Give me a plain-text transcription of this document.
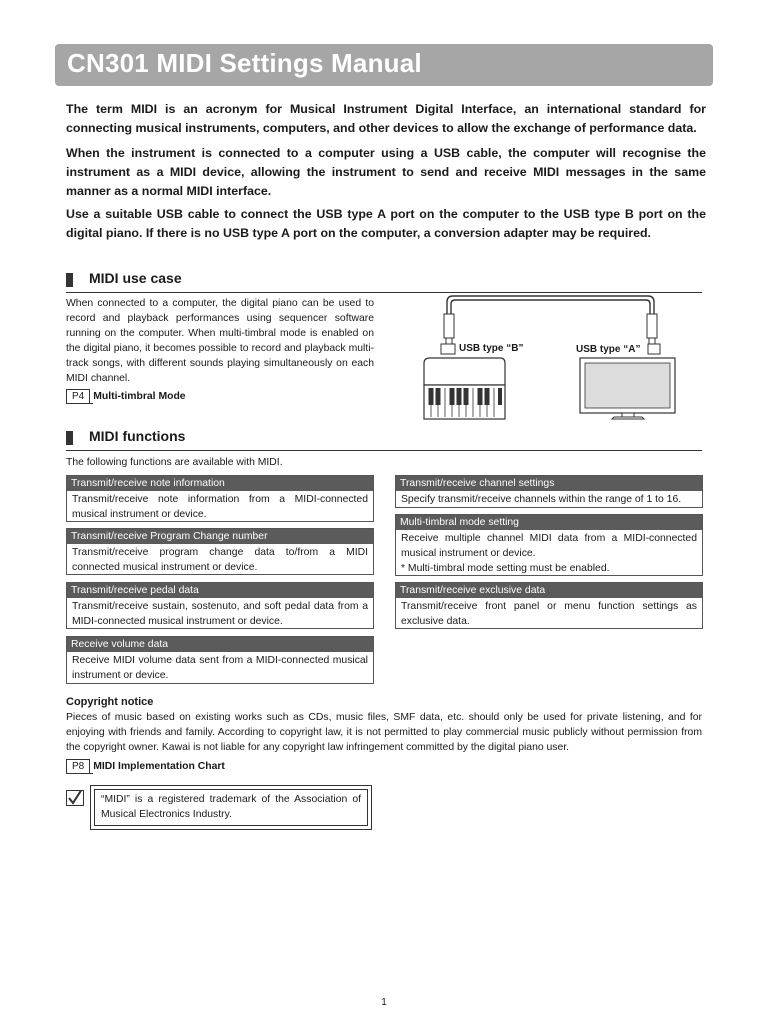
CN301 MIDI Settings Manual
The term MIDI is an acronym for Musical Instrument Digital Interface, an international standard for connecting musical instruments, computers, and other devices to allow the exchange of performance data.
When the instrument is connected to a computer using a USB cable, the computer will recognise the instrument as a MIDI device, allowing the instrument to send and receive MIDI messages in the same manner as a normal MIDI interface.
Use a suitable USB cable to connect the USB type A port on the computer to the USB type B port on the digital piano. If there is no USB type A port on the computer, a conversion adapter may be required.
MIDI use case
When connected to a computer, the digital piano can be used to record and playback performances using sequencer software running on the computer. When multi-timbral mode is enabled on the digital piano, it becomes possible to record and playback multi-track songs, with different sounds playing simultaneously on each MIDI channel.
P4 Multi-timbral Mode
USB type “B”	USB type “A”
MIDI functions
The following functions are available with MIDI.
Transmit/receive note information
Transmit/receive note information from a MIDI-connected musical instrument or device.
Transmit/receive Program Change number
Transmit/receive program change data to/from a MIDI connected musical instrument or device.
Transmit/receive pedal data
Transmit/receive sustain, sostenuto, and soft pedal data from a MIDI-connected musical instrument or device.
Receive volume data
Receive MIDI volume data sent from a MIDI-connected musical instrument or device.
Transmit/receive channel settings
Specify transmit/receive channels within the range of 1 to 16.
Multi-timbral mode setting
Receive multiple channel MIDI data from a MIDI-connected musical instrument or device.
* Multi-timbral mode setting must be enabled.
Transmit/receive exclusive data
Transmit/receive front panel or menu function settings as exclusive data.
Copyright notice
Pieces of music based on existing works such as CDs, music files, SMF data, etc. should only be used for private listening, and for enjoying with friends and family. According to copyright law, it is not permitted to play commercial music publicly without permission from the copyright owner. Kawai is not liable for any copyright law infringement committed by the digital piano user.
P8 MIDI Implementation Chart
“MIDI” is a registered trademark of the Association of Musical Electronics Industry.
1
